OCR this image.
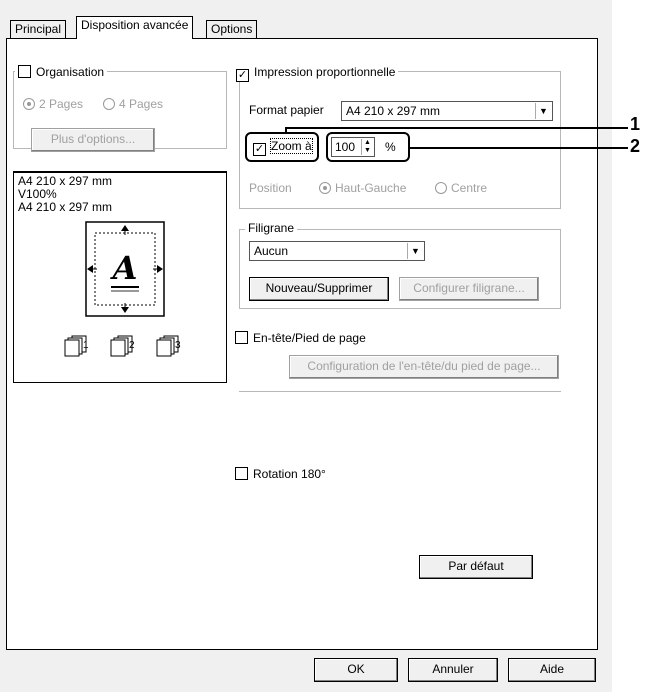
Principal	Disposition avancée	Options
Organisation
2 Pages	4 Pages
Plus d'options...
A4 210 x 297 mm
V100%
A4 210 x 297 mm
A
1	2	3
✓ Impression proportionnelle
Format papier	A4 210 x 297 mm	▼
✓ Zoom à	100	▲
▼ %
Position	Haut-Gauche	Centre
Filigrane
Aucun	▼
Nouveau/Supprimer	Configurer filigrane...
En-tête/Pied de page
Configuration de l'en-tête/du pied de page...
Rotation 180°
Par défaut
OK	Annuler	Aide
1
2
